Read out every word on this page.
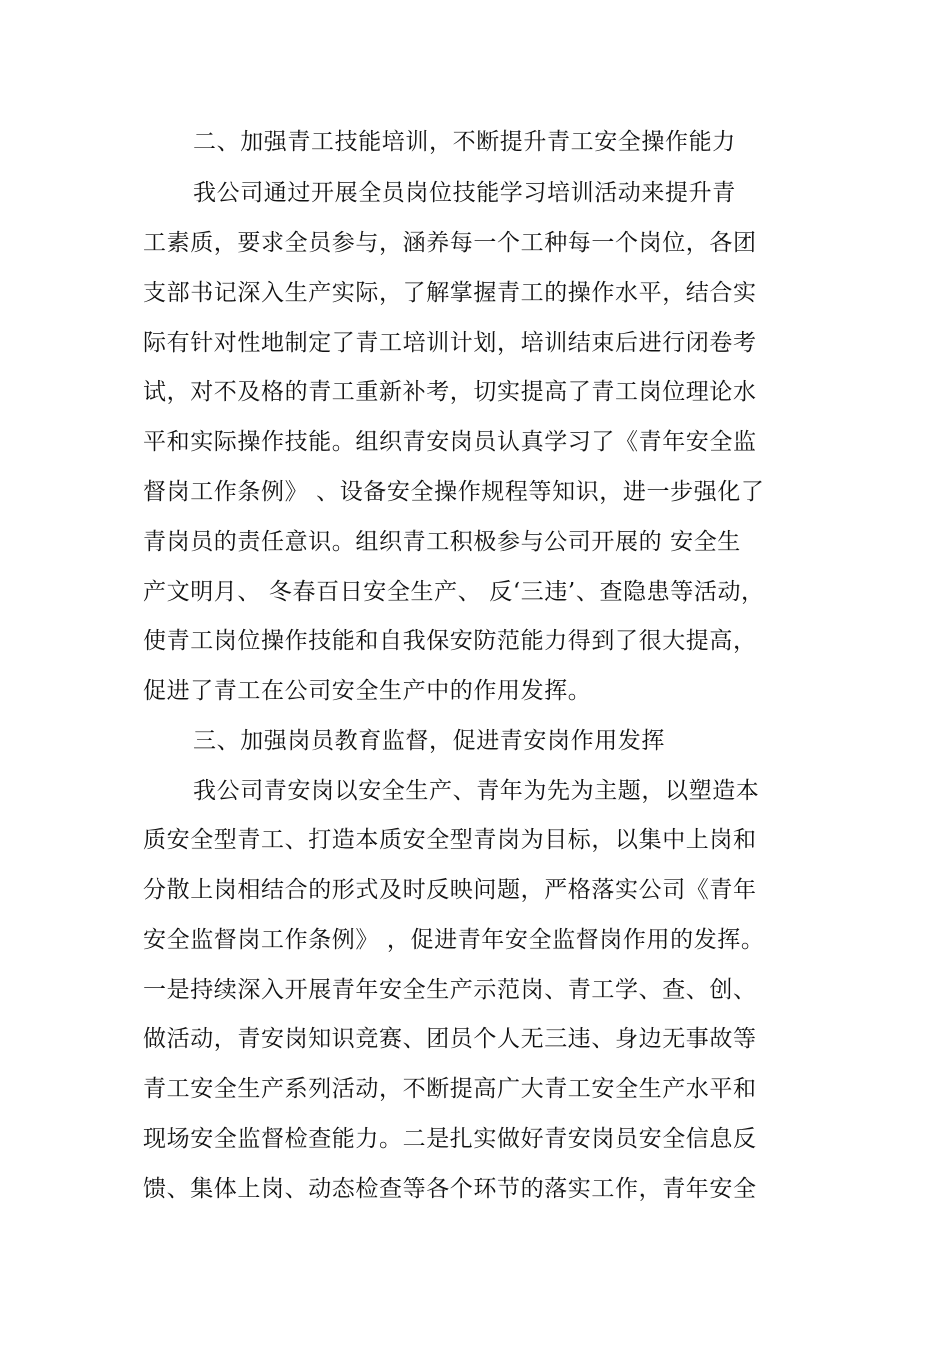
二、加强青工技能培训，不断提升青工安全操作能力
我公司通过开展全员岗位技能学习培训活动来提升青
工素质，要求全员参与，涵养每一个工种每一个岗位，各团
支部书记深入生产实际，了解掌握青工的操作水平，结合实
际有针对性地制定了青工培训计划，培训结束后进行闭卷考
试，对不及格的青工重新补考，切实提高了青工岗位理论水
平和实际操作技能。组织青安岗员认真学习了《青年安全监
督岗工作条例》 、设备安全操作规程等知识，进一步强化了
青岗员的责任意识。组织青工积极参与公司开展的 安全生
产文明月、 冬春百日安全生产、 反‘三违’、查隐患等活动，
使青工岗位操作技能和自我保安防范能力得到了很大提高，
促进了青工在公司安全生产中的作用发挥。
三、加强岗员教育监督，促进青安岗作用发挥
我公司青安岗以安全生产、青年为先为主题，以塑造本
质安全型青工、打造本质安全型青岗为目标，以集中上岗和
分散上岗相结合的形式及时反映问题，严格落实公司《青年
安全监督岗工作条例》 ，促进青年安全监督岗作用的发挥。
一是持续深入开展青年安全生产示范岗、青工学、查、创、
做活动，青安岗知识竞赛、团员个人无三违、身边无事故等
青工安全生产系列活动，不断提高广大青工安全生产水平和
现场安全监督检查能力。二是扎实做好青安岗员安全信息反
馈、集体上岗、动态检查等各个环节的落实工作，青年安全
